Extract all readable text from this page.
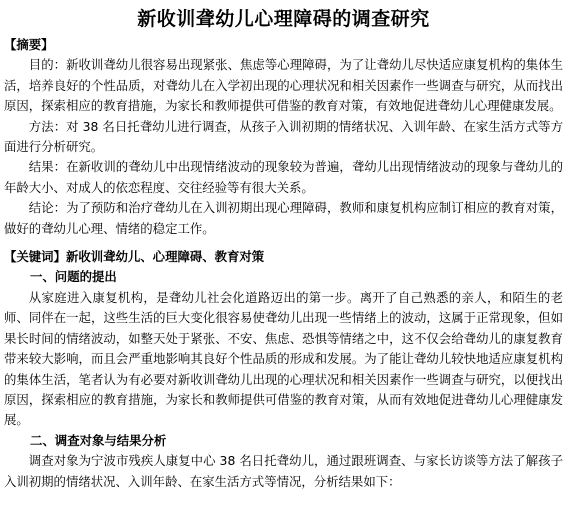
新收训聋幼儿心理障碍的调查研究
【摘要】

目的：新收训聋幼儿很容易出现紧张、焦虑等心理障碍，为了让聋幼儿尽快适应康复机构的集体生活，培养良好的个性品质，对聋幼儿在入学初出现的心理状况和相关因素作一些调查与研究，从而找出原因，探索相应的教育措施，为家长和教师提供可借鉴的教育对策，有效地促进聋幼儿心理健康发展。

方法：对 38 名日托聋幼儿进行调查，从孩子入训初期的情绪状况、入训年龄、在家生活方式等方面进行分析研究。

结果：在新收训的聋幼儿中出现情绪波动的现象较为普遍，聋幼儿出现情绪波动的现象与聋幼儿的年龄大小、对成人的依恋程度、交往经验等有很大关系。

结论：为了预防和治疗聋幼儿在入训初期出现心理障碍，教师和康复机构应制订相应的教育对策，做好的聋幼儿心理、情绪的稳定工作。

【关键词】新收训聋幼儿、心理障碍、教育对策
一、问题的提出

从家庭进入康复机构，是聋幼儿社会化道路迈出的第一步。离开了自己熟悉的亲人，和陌生的老师、同伴在一起，这些生活的巨大变化很容易使聋幼儿出现一些情绪上的波动，这属于正常现象，但如果长时间的情绪波动，如整天处于紧张、不安、焦虑、恐惧等情绪之中，这不仅会给聋幼儿的康复教育带来较大影响，而且会严重地影响其良好个性品质的形成和发展。为了能让聋幼儿较快地适应康复机构的集体生活，笔者认为有必要对新收训聋幼儿出现的心理状况和相关因素作一些调查与研究，以便找出原因，探索相应的教育措施，为家长和教师提供可借鉴的教育对策，从而有效地促进聋幼儿心理健康发展。

二、调查对象与结果分析

调查对象为宁波市残疾人康复中心 38 名日托聋幼儿，通过跟班调查、与家长访谈等方法了解孩子入训初期的情绪状况、入训年龄、在家生活方式等情况，分析结果如下：
